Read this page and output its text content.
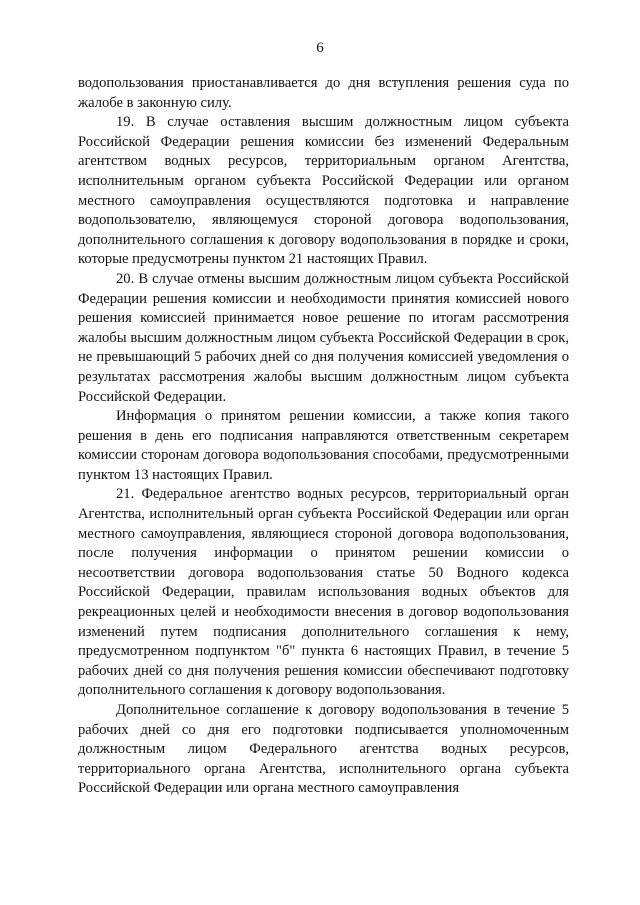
6

водопользования приостанавливается до дня вступления решения суда по жалобе в законную силу.

19. В случае оставления высшим должностным лицом субъекта Российской Федерации решения комиссии без изменений Федеральным агентством водных ресурсов, территориальным органом Агентства, исполнительным органом субъекта Российской Федерации или органом местного самоуправления осуществляются подготовка и направление водопользователю, являющемуся стороной договора водопользования, дополнительного соглашения к договору водопользования в порядке и сроки, которые предусмотрены пунктом 21 настоящих Правил.

20. В случае отмены высшим должностным лицом субъекта Российской Федерации решения комиссии и необходимости принятия комиссией нового решения комиссией принимается новое решение по итогам рассмотрения жалобы высшим должностным лицом субъекта Российской Федерации в срок, не превышающий 5 рабочих дней со дня получения комиссией уведомления о результатах рассмотрения жалобы высшим должностным лицом субъекта Российской Федерации.

Информация о принятом решении комиссии, а также копия такого решения в день его подписания направляются ответственным секретарем комиссии сторонам договора водопользования способами, предусмотренными пунктом 13 настоящих Правил.

21. Федеральное агентство водных ресурсов, территориальный орган Агентства, исполнительный орган субъекта Российской Федерации или орган местного самоуправления, являющиеся стороной договора водопользования, после получения информации о принятом решении комиссии о несоответствии договора водопользования статье 50 Водного кодекса Российской Федерации, правилам использования водных объектов для рекреационных целей и необходимости внесения в договор водопользования изменений путем подписания дополнительного соглашения к нему, предусмотренном подпунктом "б" пункта 6 настоящих Правил, в течение 5 рабочих дней со дня получения решения комиссии обеспечивают подготовку дополнительного соглашения к договору водопользования.

Дополнительное соглашение к договору водопользования в течение 5 рабочих дней со дня его подготовки подписывается уполномоченным должностным лицом Федерального агентства водных ресурсов, территориального органа Агентства, исполнительного органа субъекта Российской Федерации или органа местного самоуправления
